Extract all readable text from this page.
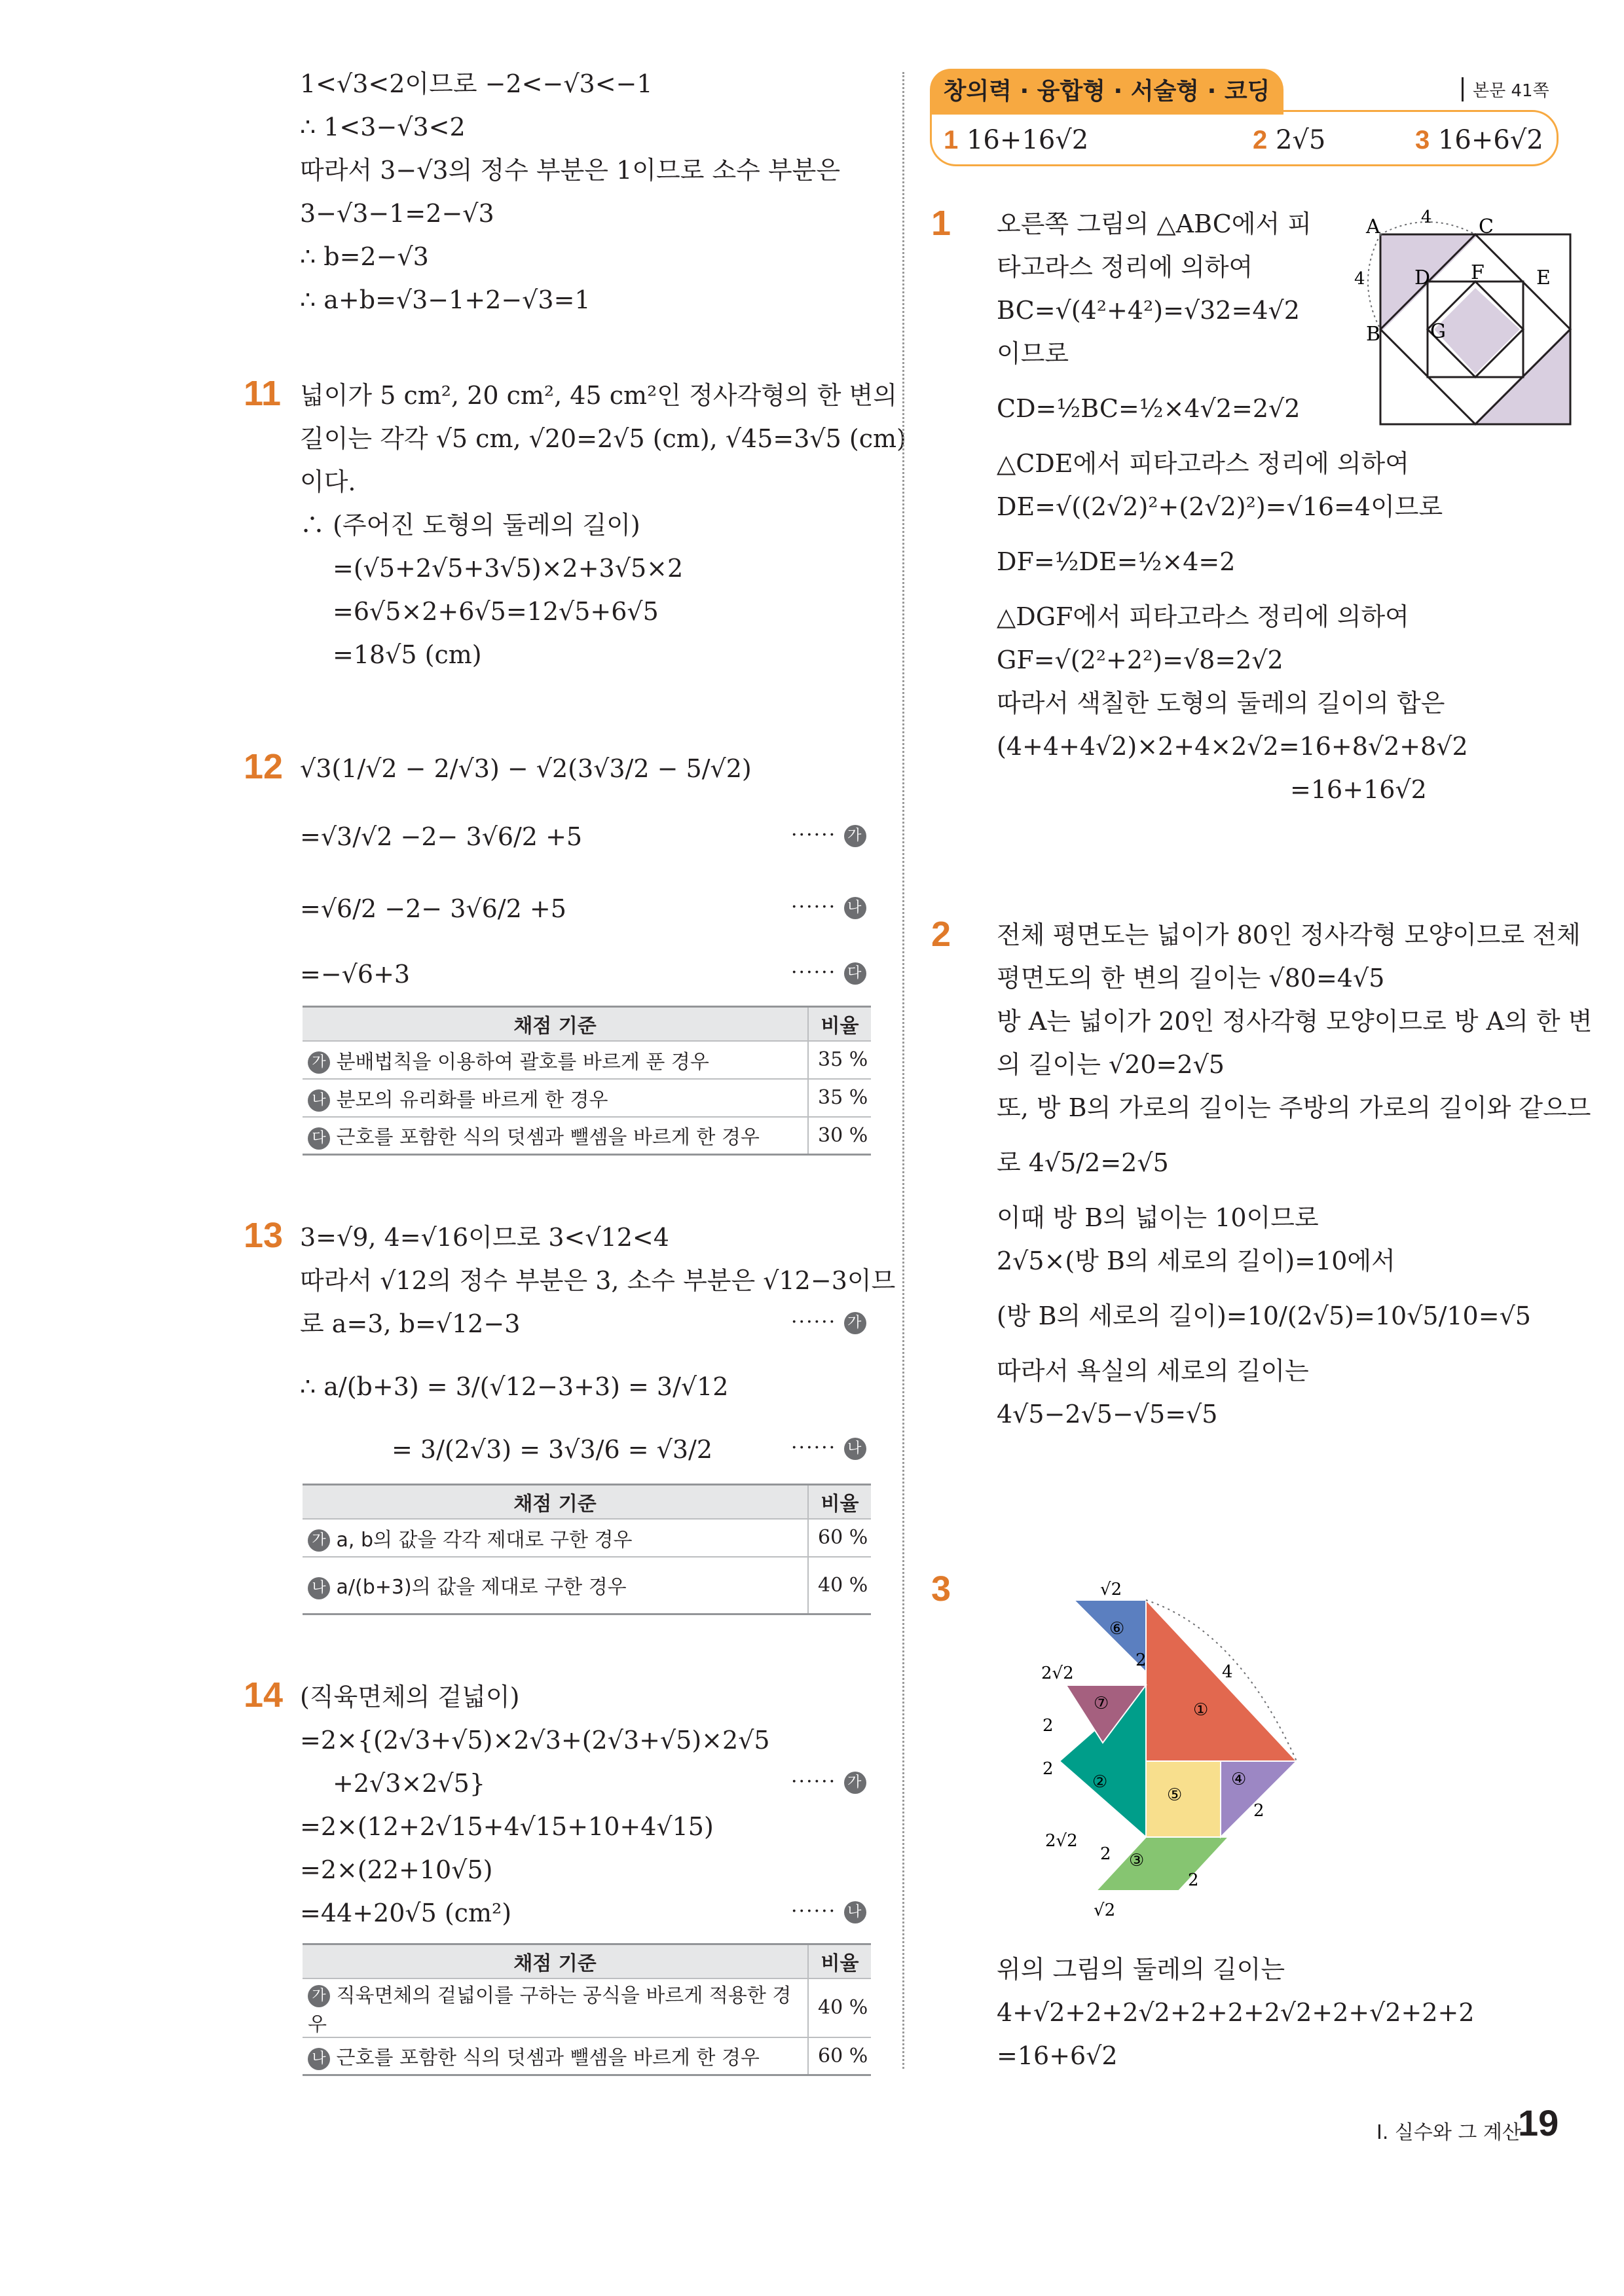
1<√3<2이므로 −2<−√3<−1
∴ 1<3−√3<2
따라서 3−√3의 정수 부분은 1이므로 소수 부분은
3−√3−1=2−√3
∴ b=2−√3
∴ a+b=√3−1+2−√3=1
11 넓이가 5 cm², 20 cm², 45 cm²인 정사각형의 한 변의
길이는 각각 √5 cm, √20=2√5 (cm), √45=3√5 (cm)
이다.
∴ (주어진 도형의 둘레의 길이)
=(√5+2√5+3√5)×2+3√5×2
=6√5×2+6√5=12√5+6√5
=18√5 (cm)
12 √3(1/√2 − 2/√3) − √2(3√3/2 − 5/√2)
=√3/√2 −2− 3√6/2 +5
=√6/2 −2− 3√6/2 +5
=−√6+3
······ 가
······ 나
······ 다
채점 기준	비율
가 분배법칙을 이용하여 괄호를 바르게 푼 경우	35 %
나 분모의 유리화를 바르게 한 경우	35 %
다 근호를 포함한 식의 덧셈과 뺄셈을 바르게 한 경우	30 %
13 3=√9, 4=√16이므로 3<√12<4
따라서 √12의 정수 부분은 3, 소수 부분은 √12−3이므
로 a=3, b=√12−3
∴ a/(b+3) = 3/(√12−3+3) = 3/√12
= 3/(2√3) = 3√3/6 = √3/2
······ 가
······ 나
채점 기준	비율
가 a, b의 값을 각각 제대로 구한 경우	60 %
나 a/(b+3)의 값을 제대로 구한 경우	40 %
14 (직육면체의 겉넓이)
=2×{(2√3+√5)×2√3+(2√3+√5)×2√5
+2√3×2√5}
=2×(12+2√15+4√15+10+4√15)
=2×(22+10√5)
=44+20√5 (cm²)
······ 가
······ 나
채점 기준	비율
가 직육면체의 겉넓이를 구하는 공식을 바르게 적용한 경우	40 %
나 근호를 포함한 식의 덧셈과 뺄셈을 바르게 한 경우	60 %
창의력 · 융합형 · 서술형 · 코딩	본문 41쪽
1 16+16√2	2 2√5	3 16+6√2
1 오른쪽 그림의 △ABC에서 피
타고라스 정리에 의하여
BC=√(4²+4²)=√32=4√2
이므로
CD=½BC=½×4√2=2√2
△CDE에서 피타고라스 정리에 의하여
DE=√((2√2)²+(2√2)²)=√16=4이므로
DF=½DE=½×4=2
△DGF에서 피타고라스 정리에 의하여
GF=√(2²+2²)=√8=2√2
따라서 색칠한 도형의 둘레의 길이의 합은
(4+4+4√2)×2+4×2√2=16+8√2+8√2
=16+16√2
A
B
C
D	E
F
G
4
4
2 전체 평면도는 넓이가 80인 정사각형 모양이므로 전체
평면도의 한 변의 길이는 √80=4√5
방 A는 넓이가 20인 정사각형 모양이므로 방 A의 한 변
의 길이는 √20=2√5
또, 방 B의 가로의 길이는 주방의 가로의 길이와 같으므
로 4√5/2=2√5
이때 방 B의 넓이는 10이므로
2√5×(방 B의 세로의 길이)=10에서
(방 B의 세로의 길이)=10/(2√5)=10√5/10=√5
따라서 욕실의 세로의 길이는
4√5−2√5−√5=√5
3	√2
⑥
2
2√2
⑦	①
4
2
2
②
⑤
④
2
2√2
2 ③
2
√2
위의 그림의 둘레의 길이는
4+√2+2+2√2+2+2+2√2+2+√2+2+2
=16+6√2
I. 실수와 그 계산
19
